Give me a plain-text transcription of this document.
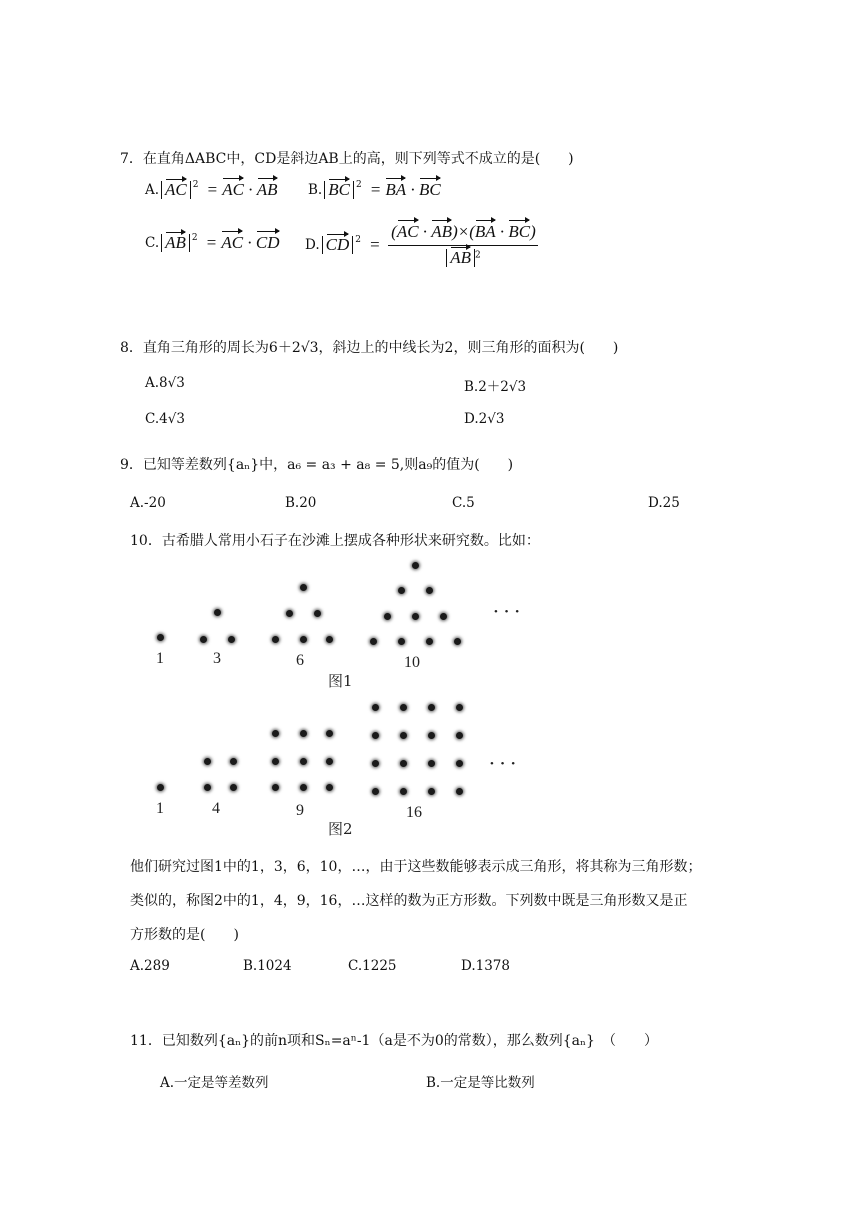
7．在直角ΔABC中，CD是斜边AB上的高，则下列等式不成立的是(　　)
A. AC $^2$ = AC · AB B. BC $^2$ = BA · BC
C. AB $^2$ = AC · CD D. CD $^2$ =
(AC · AB)×(BA · BC)
AB $^2$
8．直角三角形的周长为6＋2√3，斜边上的中线长为2，则三角形的面积为(　　)
A.8√3	B.2＋2√3
C.4√3	D.2√3
9．已知等差数列{aₙ}中，a₆ = a₃ + a₈ = 5,则a₉的值为(　　)
A.-20	B.20	C.5	D.25
10．古希腊人常用小石子在沙滩上摆成各种形状来研究数。比如：
1	3	6	10
• • •
图1
1	4	9	16
• • •
图2
他们研究过图1中的1，3，6，10，…，由于这些数能够表示成三角形，将其称为三角形数；
类似的，称图2中的1，4，9，16，…这样的数为正方形数。下列数中既是三角形数又是正
方形数的是(　　)
A.289	B.1024	C.1225	D.1378
11．已知数列{aₙ}的前n项和Sₙ=aⁿ-1（a是不为0的常数），那么数列{aₙ}　（　　）
A.一定是等差数列	B.一定是等比数列
